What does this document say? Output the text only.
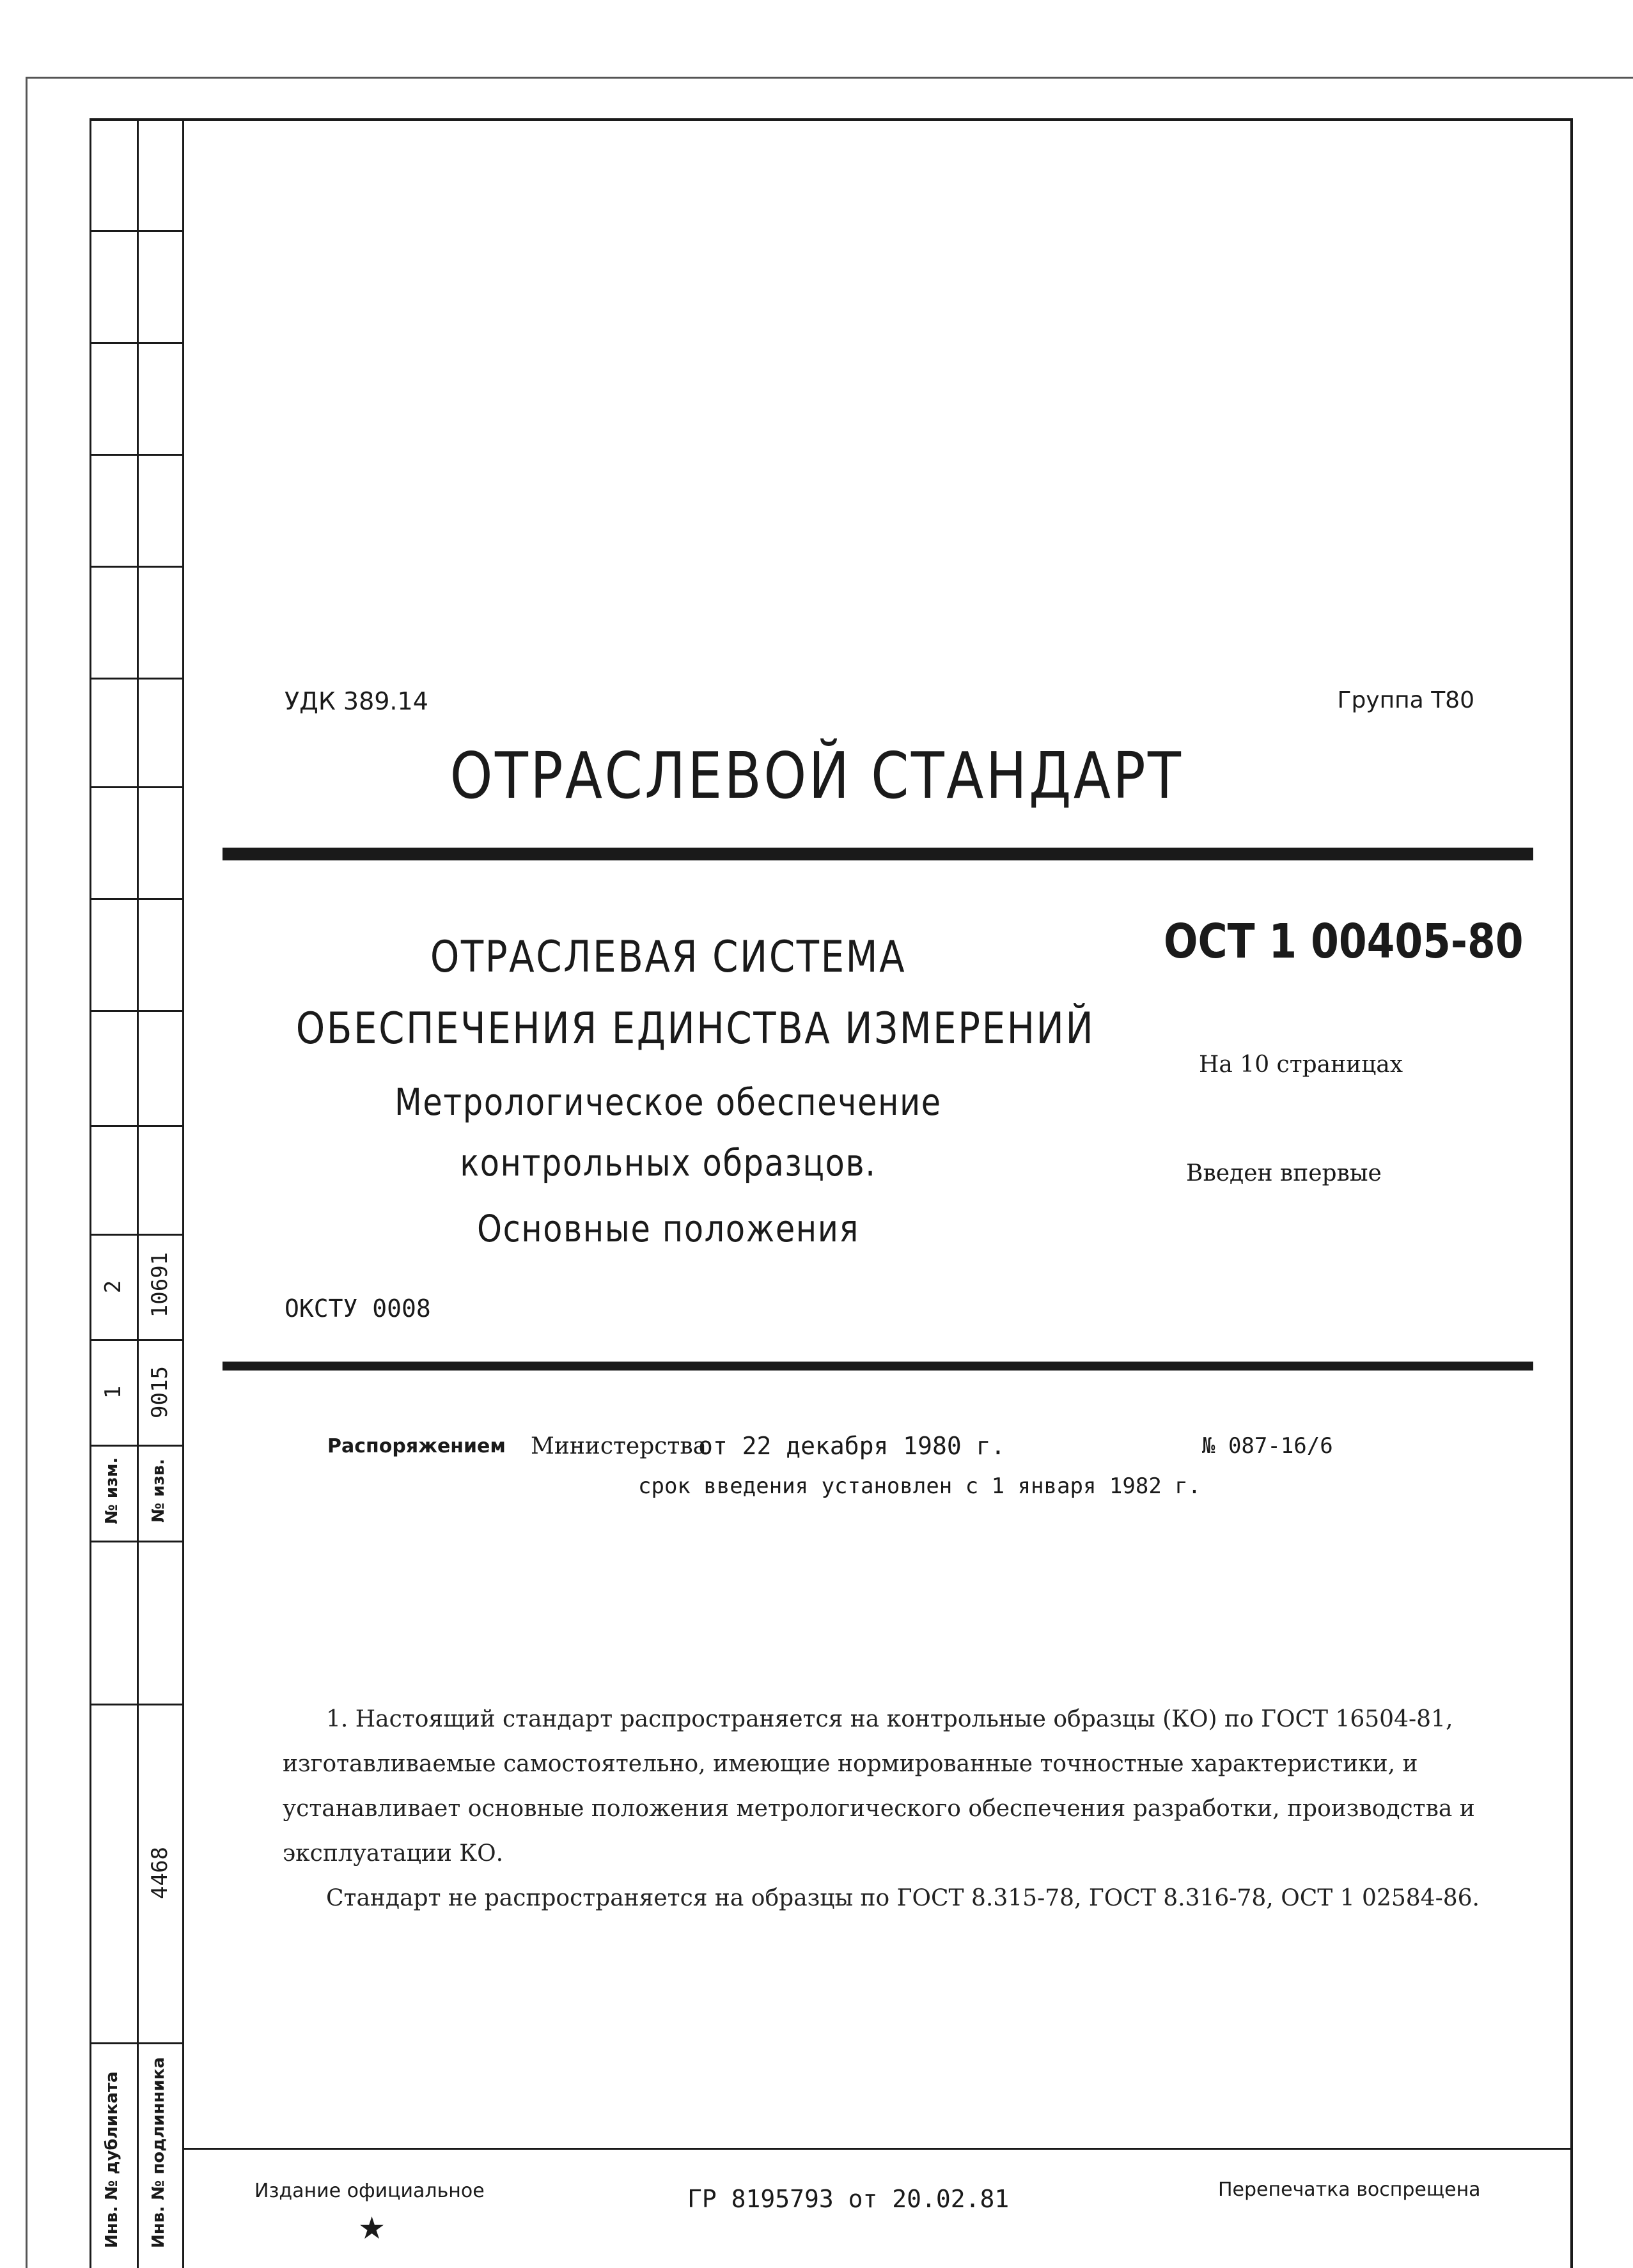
2 10691
1 9015
№ изм. № изв.
4468
Инв. № дубликата Инв. № подлинника
УДК 389.14	Группа Т80
ОТРАСЛЕВОЙ СТАНДАРТ
ОТРАСЛЕВАЯ СИСТЕМА
ОБЕСПЕЧЕНИЯ ЕДИНСТВА ИЗМЕРЕНИЙ
Метрологическое обеспечение
контрольных образцов.
Основные положения
ОСТ 1 00405-80
На 10 страницах
Введен впервые
ОКСТУ 0008
Распоряжением Министерства
от 22 декабря 1980 г.	№ 087-16/6
срок введения установлен с 1 января 1982 г.

1. Настоящий стандарт распространяется на контрольные образцы (КО) по ГОСТ 16504-81, изготавливаемые самостоятельно, имеющие нормированные точностные характеристики, и устанавливает основные положения метрологического обеспечения разработки, производства и эксплуатации КО.

Стандарт не распространяется на образцы по ГОСТ 8.315-78, ГОСТ 8.316-78, ОСТ 1 02584-86.

Издание официальное
★
ГР 8195793 от 20.02.81	Перепечатка воспрещена
